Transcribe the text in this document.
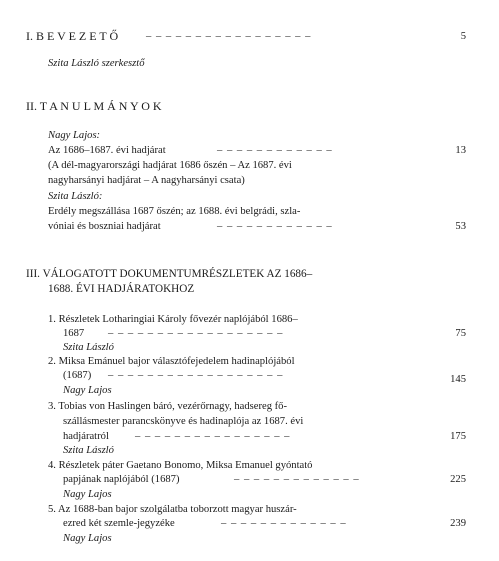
I. B E V E Z E T Ő	– – – – – – – – – – – – – – – – –	5
Szita László szerkesztő
II. T A N U L M Á N Y O K
Nagy Lajos:
Az 1686–1687. évi hadjárat	– – – – – – – – – – – –	13
(A dél-magyarországi hadjárat 1686 őszén – Az 1687. évi
nagyharsányi hadjárat – A nagyharsányi csata)
Szita László:
Erdély megszállása 1687 őszén; az 1688. évi belgrádi, szla-
vóniai és boszniai hadjárat	– – – – – – – – – – – –	53
III. VÁLOGATOTT DOKUMENTUMRÉSZLETEK AZ 1686–
1688. ÉVI HADJÁRATOKHOZ
1. Részletek Lotharingiai Károly fővezér naplójából 1686–
1687 – – – – – – – – – – – – – – – – – –	75
Szita László
2. Miksa Emánuel bajor választófejedelem hadinaplójából
(1687) – – – – – – – – – – – – – – – – – –	145
Nagy Lajos
3. Tobias von Haslingen báró, vezérőrnagy, hadsereg fő-
szállásmester parancskönyve és hadinaplója az 1687. évi
hadjáratról – – – – – – – – – – – – – – – –	175
Szita László
4. Részletek páter Gaetano Bonomo, Miksa Emanuel gyóntató
papjának naplójából (1687)	– – – – – – – – – – – – –	225
Nagy Lajos
5. Az 1688-ban bajor szolgálatba toborzott magyar huszár-
ezred két szemle-jegyzéke	– – – – – – – – – – – – –	239
Nagy Lajos
